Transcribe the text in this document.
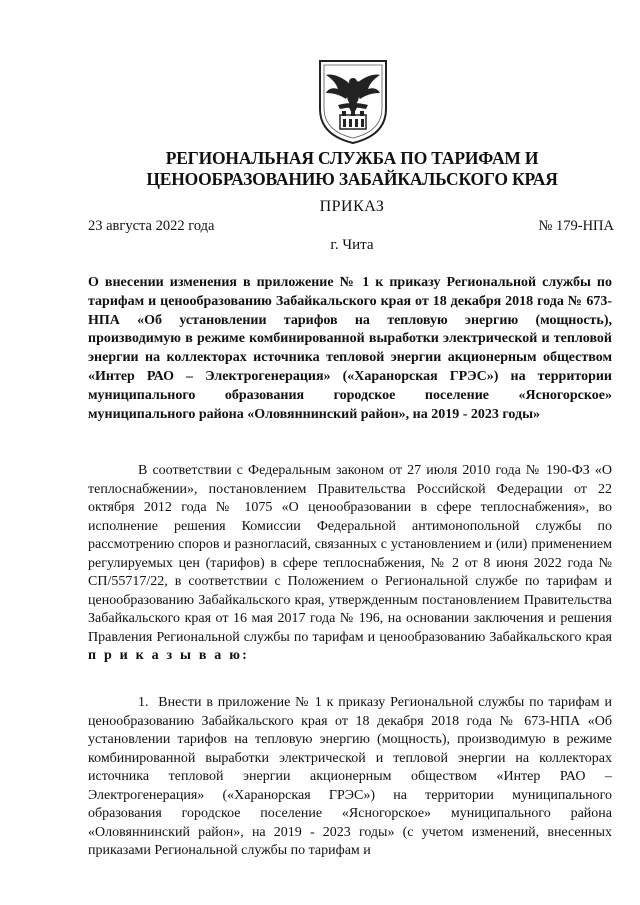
РЕГИОНАЛЬНАЯ СЛУЖБА ПО ТАРИФАМ И
ЦЕНООБРАЗОВАНИЮ ЗАБАЙКАЛЬСКОГО КРАЯ
ПРИКАЗ
23 августа 2022 года	№ 179-НПА
г. Чита
О внесении изменения в приложение № 1 к приказу Региональной службы по тарифам и ценообразованию Забайкальского края от 18 декабря 2018 года № 673-НПА «Об установлении тарифов на тепловую энергию (мощность), производимую в режиме комбинированной выработки электрической и тепловой энергии на коллекторах источника тепловой энергии акционерным обществом «Интер РАО – Электрогенерация» («Харанорская ГРЭС») на территории муниципального образования городское поселение «Ясногорское» муниципального района «Оловяннинский район», на 2019 - 2023 годы»
В соответствии с Федеральным законом от 27 июля 2010 года № 190-ФЗ «О теплоснабжении», постановлением Правительства Российской Федерации от 22 октября 2012 года № 1075 «О ценообразовании в сфере теплоснабжения», во исполнение решения Комиссии Федеральной антимонопольной службы по рассмотрению споров и разногласий, связанных с установлением и (или) применением регулируемых цен (тарифов) в сфере теплоснабжения, № 2 от 8 июня 2022 года № СП/55717/22, в соответствии с Положением о Региональной службе по тарифам и ценообразованию Забайкальского края, утвержденным постановлением Правительства Забайкальского края от 16 мая 2017 года № 196, на основании заключения и решения Правления Региональной службы по тарифам и ценообразованию Забайкальского края п р и к а з ы в а ю:
1. Внести в приложение № 1 к приказу Региональной службы по тарифам и ценообразованию Забайкальского края от 18 декабря 2018 года № 673-НПА «Об установлении тарифов на тепловую энергию (мощность), производимую в режиме комбинированной выработки электрической и тепловой энергии на коллекторах источника тепловой энергии акционерным обществом «Интер РАО – Электрогенерация» («Харанорская ГРЭС») на территории муниципального образования городское поселение «Ясногорское» муниципального района «Оловяннинский район», на 2019 - 2023 годы» (с учетом изменений, внесенных приказами Региональной службы по тарифам и
